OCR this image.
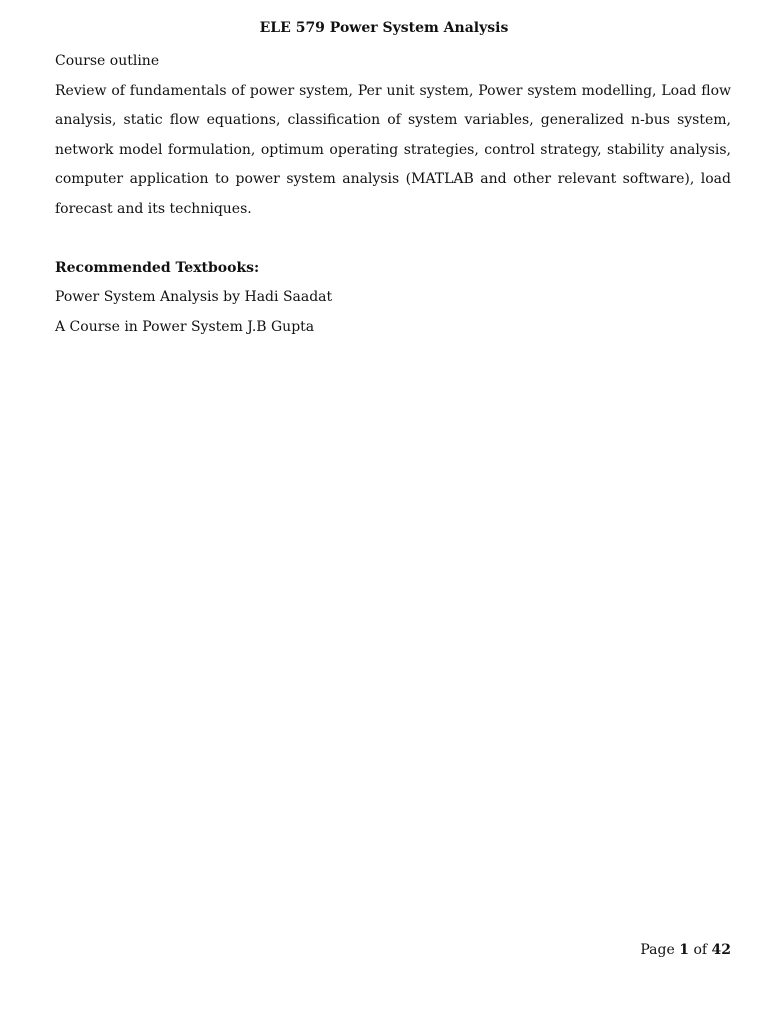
ELE 579 Power System Analysis

Course outline

Review of fundamentals of power system, Per unit system, Power system modelling, Load flow analysis, static flow equations, classification of system variables, generalized n-bus system, network model formulation, optimum operating strategies, control strategy, stability analysis, computer application to power system analysis (MATLAB and other relevant software), load forecast and its techniques.

Recommended Textbooks:

Power System Analysis by Hadi Saadat

A Course in Power System J.B Gupta

Page 1 of 42
